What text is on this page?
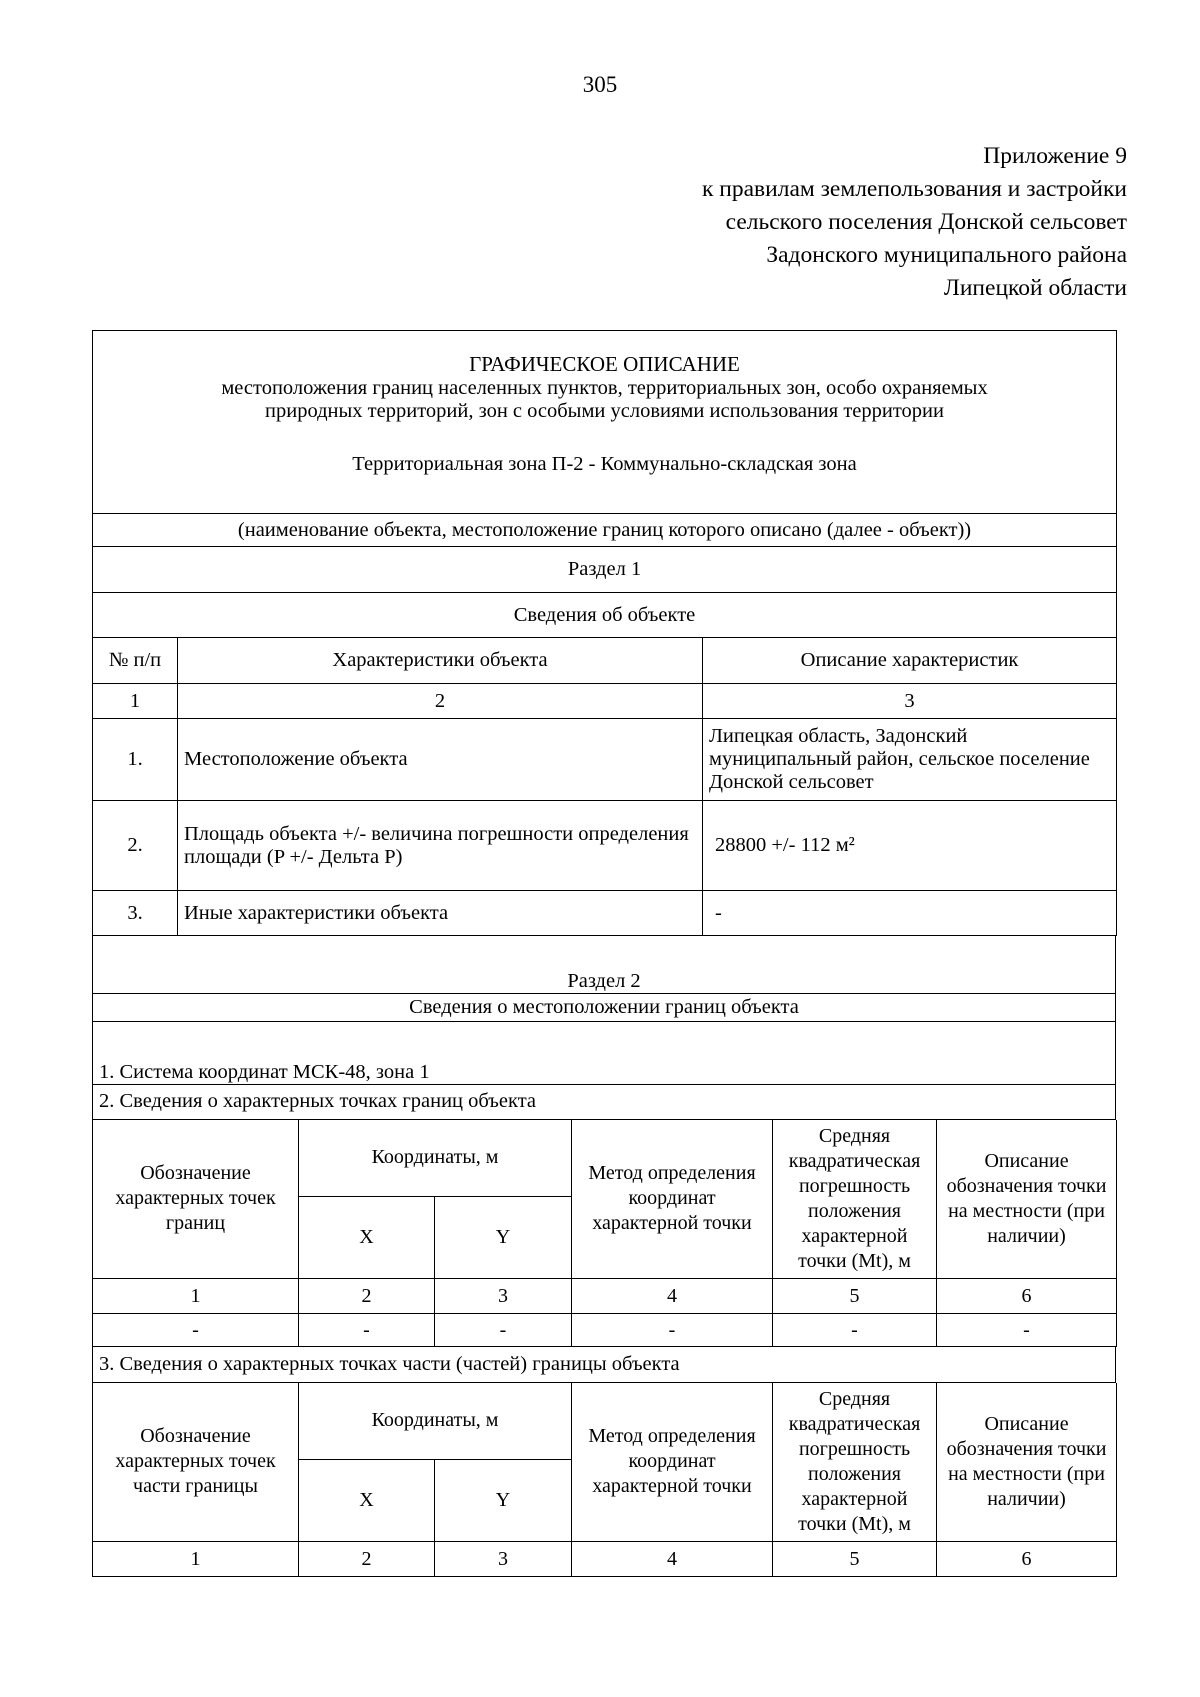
305
Приложение 9
к правилам землепользования и застройки
сельского поселения Донской сельсовет
Задонского муниципального района
Липецкой области
ГРАФИЧЕСКОЕ ОПИСАНИЕ
местоположения границ населенных пунктов, территориальных зон, особо охраняемых
природных территорий, зон с особыми условиями использования территории
Территориальная зона П-2 - Коммунально-складская зона		

(наименование объекта, местоположение границ которого описано (далее - объект))		
Раздел 1		
Сведения об объекте		
№ п/п	Характеристики объекта	Описание характеристик
1	2	3
1.	Местоположение объекта	Липецкая область, Задонский муниципальный район, сельское поселение Донской сельсовет
2.	Площадь объекта +/- величина погрешности определения площади (P +/- Дельта P)	28800 +/- 112 м²
3.	Иные характеристики объекта	-
Раздел 2
Сведения о местоположении границ объекта
1. Система координат МСК-48, зона 1
2. Сведения о характерных точках границ объекта
Обозначение характерных точек границ	Координаты, м		Метод определения координат характерной точки	Средняя квадратическая погрешность положения характерной точки (Mt), м	Описание обозначения точки на местности (при наличии)
	X	Y			
1	2	3	4	5	6
-	-	-	-	-	-
3. Сведения о характерных точках части (частей) границы объекта
Обозначение характерных точек части границы	Координаты, м		Метод определения координат характерной точки	Средняя квадратическая погрешность положения характерной точки (Mt), м	Описание обозначения точки на местности (при наличии)
	X	Y			
1	2	3	4	5	6
